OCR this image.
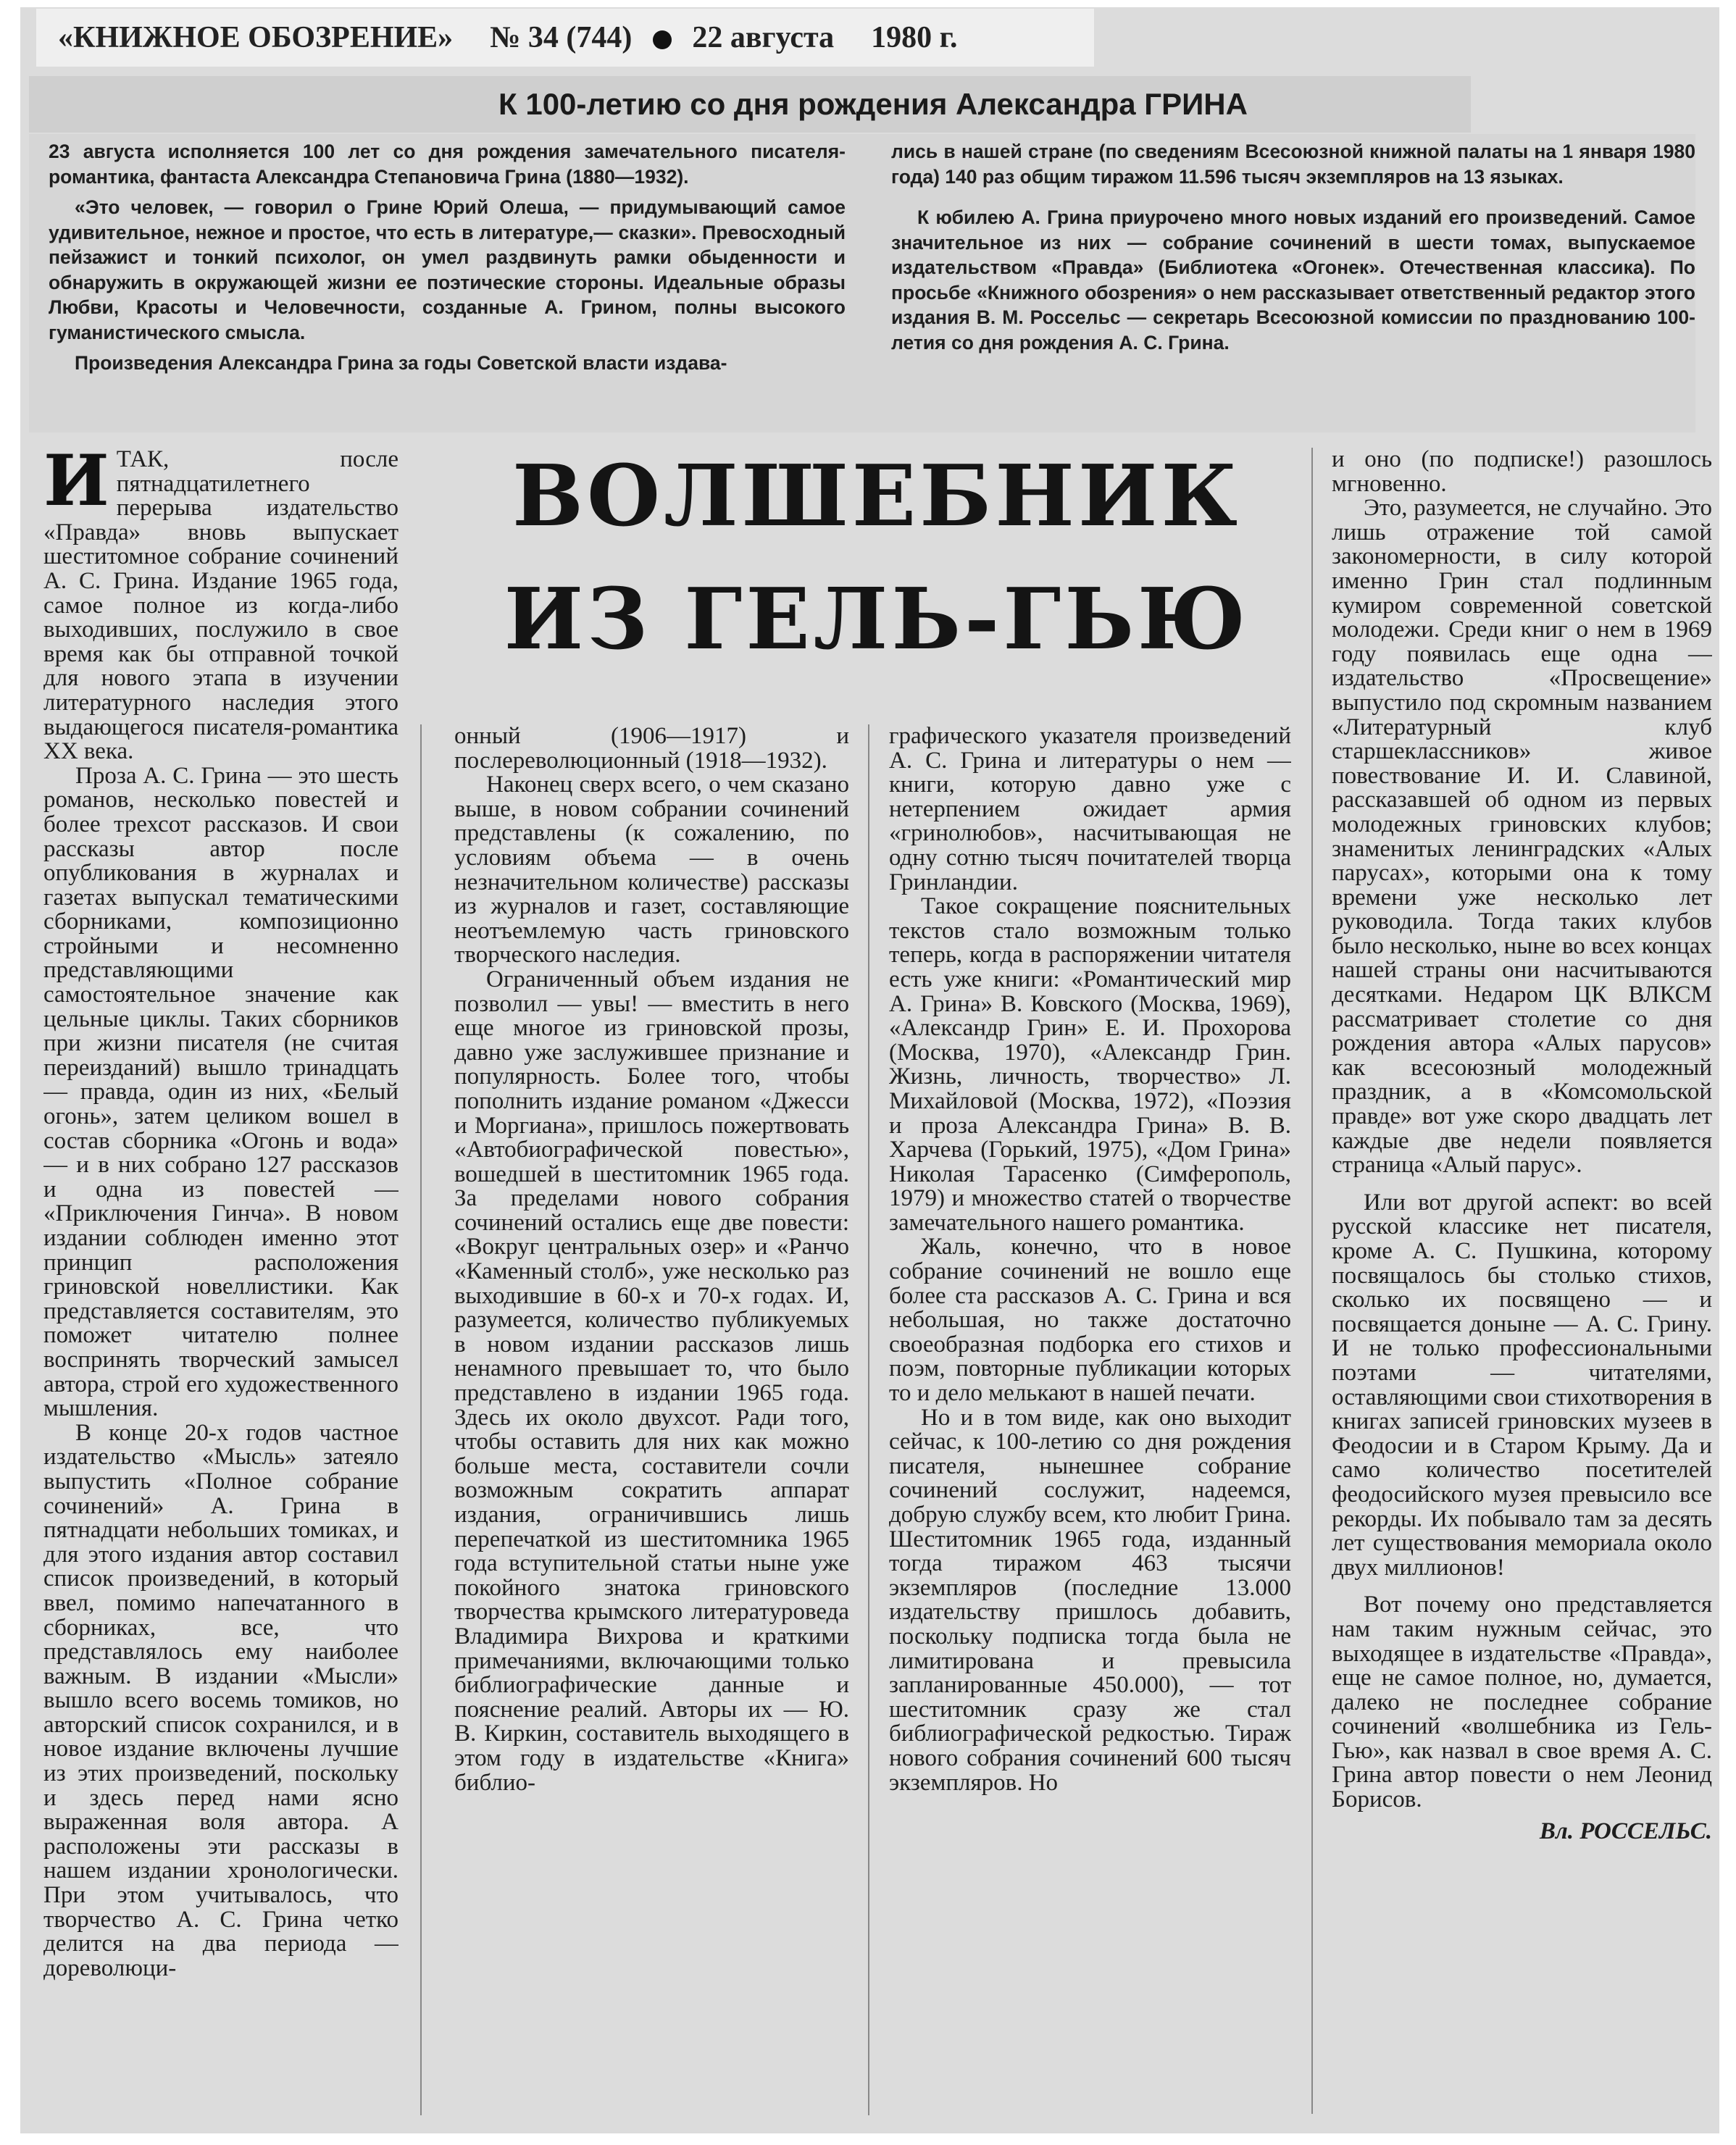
«КНИЖНОЕ ОБОЗРЕНИЕ» № 34 (744) 22 августа 1980 г.
К 100-летию со дня рождения Александра ГРИНА

23 августа исполняется 100 лет со дня рождения замечательного писателя-романтика, фантаста Александра Степановича Грина (1880—1932).

«Это человек, — говорил о Грине Юрий Олеша, — придумывающий самое удивительное, нежное и простое, что есть в литературе,— сказки». Превосходный пейзажист и тонкий психолог, он умел раздвинуть рамки обыденности и обнаружить в окружающей жизни ее поэтические стороны. Идеальные образы Любви, Красоты и Человечности, созданные А. Грином, полны высокого гуманистического смысла.

Произведения Александра Грина за годы Советской власти издава-

лись в нашей стране (по сведениям Всесоюзной книжной палаты на 1 января 1980 года) 140 раз общим тиражом 11.596 тысяч экземпляров на 13 языках.

К юбилею А. Грина приурочено много новых изданий его произведений. Самое значительное из них — собрание сочинений в шести томах, выпускаемое издательством «Правда» (Библиотека «Огонек». Отечественная классика). По просьбе «Книжного обозрения» о нем рассказывает ответственный редактор этого издания В. М. Россельс — секретарь Всесоюзной комиссии по празднованию 100-летия со дня рождения А. С. Грина.

ВОЛШЕБНИК
ИЗ ГЕЛЬ-ГЬЮ

ИТАК, после пятнадцатилетнего перерыва издательство «Правда» вновь выпускает шеститомное собрание сочинений А. С. Грина. Издание 1965 года, самое полное из когда-либо выходивших, послужило в свое время как бы отправной точкой для нового этапа в изучении литературного наследия этого выдающегося писателя-романтика XX века.

Проза А. С. Грина — это шесть романов, несколько повестей и более трехсот рассказов. И свои рассказы автор после опубликования в журналах и газетах выпускал тематическими сборниками, композиционно стройными и несомненно представляющими самостоятельное значение как цельные циклы. Таких сборников при жизни писателя (не считая переизданий) вышло тринадцать — правда, один из них, «Белый огонь», затем целиком вошел в состав сборника «Огонь и вода» — и в них собрано 127 рассказов и одна из повестей — «Приключения Гинча». В новом издании соблюден именно этот принцип расположения гриновской новеллистики. Как представляется составителям, это поможет читателю полнее воспринять творческий замысел автора, строй его художественного мышления.

В конце 20-х годов частное издательство «Мысль» затеяло выпустить «Полное собрание сочинений» А. Грина в пятнадцати небольших томиках, и для этого издания автор составил список произведений, в который ввел, помимо напечатанного в сборниках, все, что представлялось ему наиболее важным. В издании «Мысли» вышло всего восемь томиков, но авторский список сохранился, и в новое издание включены лучшие из этих произведений, поскольку и здесь перед нами ясно выраженная воля автора. А расположены эти рассказы в нашем издании хронологически. При этом учитывалось, что творчество А. С. Грина четко делится на два периода — дореволюци-

онный (1906—1917) и послереволюционный (1918—1932).

Наконец сверх всего, о чем сказано выше, в новом собрании сочинений представлены (к сожалению, по условиям объема — в очень незначительном количестве) рассказы из журналов и газет, составляющие неотъемлемую часть гриновского творческого наследия.

Ограниченный объем издания не позволил — увы! — вместить в него еще многое из гриновской прозы, давно уже заслужившее признание и популярность. Более того, чтобы пополнить издание романом «Джесси и Моргиана», пришлось пожертвовать «Автобиографической повестью», вошедшей в шеститомник 1965 года. За пределами нового собрания сочинений остались еще две повести: «Вокруг центральных озер» и «Ранчо «Каменный столб», уже несколько раз выходившие в 60-х и 70-х годах. И, разумеется, количество публикуемых в новом издании рассказов лишь ненамного превышает то, что было представлено в издании 1965 года. Здесь их около двухсот. Ради того, чтобы оставить для них как можно больше места, составители сочли возможным сократить аппарат издания, ограничившись лишь перепечаткой из шеститомника 1965 года вступительной статьи ныне уже покойного знатока гриновского творчества крымского литературоведа Владимира Вихрова и краткими примечаниями, включающими только библиографические данные и пояснение реалий. Авторы их — Ю. В. Киркин, составитель выходящего в этом году в издательстве «Книга» библио-

графического указателя произведений А. С. Грина и литературы о нем — книги, которую давно уже с нетерпением ожидает армия «гринолюбов», насчитывающая не одну сотню тысяч почитателей творца Гринландии.

Такое сокращение пояснительных текстов стало возможным только теперь, когда в распоряжении читателя есть уже книги: «Романтический мир А. Грина» В. Ковского (Москва, 1969), «Александр Грин» Е. И. Прохорова (Москва, 1970), «Александр Грин. Жизнь, личность, творчество» Л. Михайловой (Москва, 1972), «Поэзия и проза Александра Грина» В. В. Харчева (Горький, 1975), «Дом Грина» Николая Тарасенко (Симферополь, 1979) и множество статей о творчестве замечательного нашего романтика.

Жаль, конечно, что в новое собрание сочинений не вошло еще более ста рассказов А. С. Грина и вся небольшая, но также достаточно своеобразная подборка его стихов и поэм, повторные публикации которых то и дело мелькают в нашей печати.

Но и в том виде, как оно выходит сейчас, к 100-летию со дня рождения писателя, нынешнее собрание сочинений сослужит, надеемся, добрую службу всем, кто любит Грина. Шеститомник 1965 года, изданный тогда тиражом 463 тысячи экземпляров (последние 13.000 издательству пришлось добавить, поскольку подписка тогда была не лимитирована и превысила запланированные 450.000), — тот шеститомник сразу же стал библиографической редкостью. Тираж нового собрания сочинений 600 тысяч экземпляров. Но

и оно (по подписке!) разошлось мгновенно.

Это, разумеется, не случайно. Это лишь отражение той самой закономерности, в силу которой именно Грин стал подлинным кумиром современной советской молодежи. Среди книг о нем в 1969 году появилась еще одна — издательство «Просвещение» выпустило под скромным названием «Литературный клуб старшеклассников» живое повествование И. И. Славиной, рассказавшей об одном из первых молодежных гриновских клубов; знаменитых ленинградских «Алых парусах», которыми она к тому времени уже несколько лет руководила. Тогда таких клубов было несколько, ныне во всех концах нашей страны они насчитываются десятками. Недаром ЦК ВЛКСМ рассматривает столетие со дня рождения автора «Алых парусов» как всесоюзный молодежный праздник, а в «Комсомольской правде» вот уже скоро двадцать лет каждые две недели появляется страница «Алый парус».

Или вот другой аспект: во всей русской классике нет писателя, кроме А. С. Пушкина, которому посвящалось бы столько стихов, сколько их посвящено — и посвящается доныне — А. С. Грину. И не только профессиональными поэтами — читателями, оставляющими свои стихотворения в книгах записей гриновских музеев в Феодосии и в Старом Крыму. Да и само количество посетителей феодосийского музея превысило все рекорды. Их побывало там за десять лет существования мемориала около двух миллионов!

Вот почему оно представляется нам таким нужным сейчас, это выходящее в издательстве «Правда», еще не самое полное, но, думается, далеко не последнее собрание сочинений «волшебника из Гель-Гью», как назвал в свое время А. С. Грина автор повести о нем Леонид Борисов.

Вл. РОССЕЛЬС.
